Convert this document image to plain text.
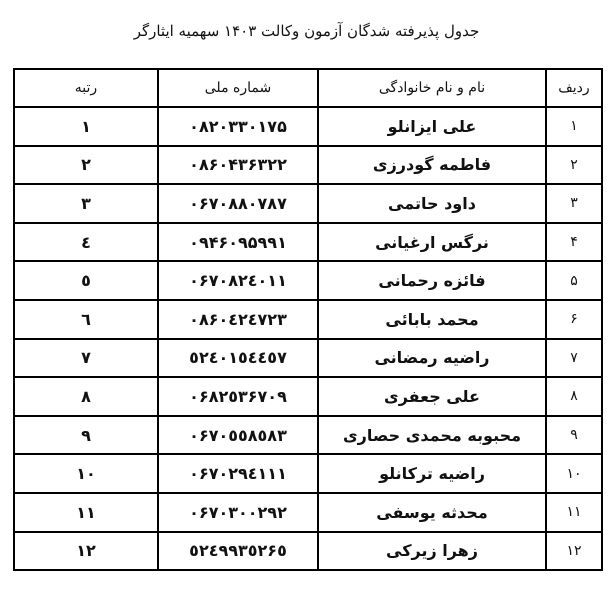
جدول پذیرفته شدگان آزمون وکالت ۱۴۰۳ سهمیه ایثارگر
ردیف	نام و نام خانوادگی	شماره ملی	رتبه
۱	علی ایزانلو	۰۸۲۰۳۳۰۱۷۵	۱
۲	فاطمه گودرزی	۰۸۶۰۴۳۶۳۲۲	۲
۳	داود حاتمی	۰۶۷۰۸۸۰۷۸۷	۳
۴	نرگس ارغیانی	۰۹۴۶۰۹۵۹۹۱	٤
۵	فائزه رحمانی	۰۶۷۰۸۲٤۰۱۱	٥
۶	محمد بابائی	۰۸۶۰٤۲٤۷۲۳	٦
۷	راضیه رمضانی	٥۲٤۰۱٥٤٤٥۷	۷
۸	علی جعفری	۰۶۸۲٥۳۶۷۰۹	۸
۹	محبوبه محمدی حصاری	۰۶۷۰٥٥۸٥۸۳	۹
۱۰	راضیه ترکانلو	۰۶۷۰۲۹٤۱۱۱	۱۰
۱۱	محدثه یوسفی	۰۶۷۰۳۰۰۲۹۲	۱۱
۱۲	زهرا زیرکی	٥۲٤۹۹۳٥۲۶٥	۱۲
